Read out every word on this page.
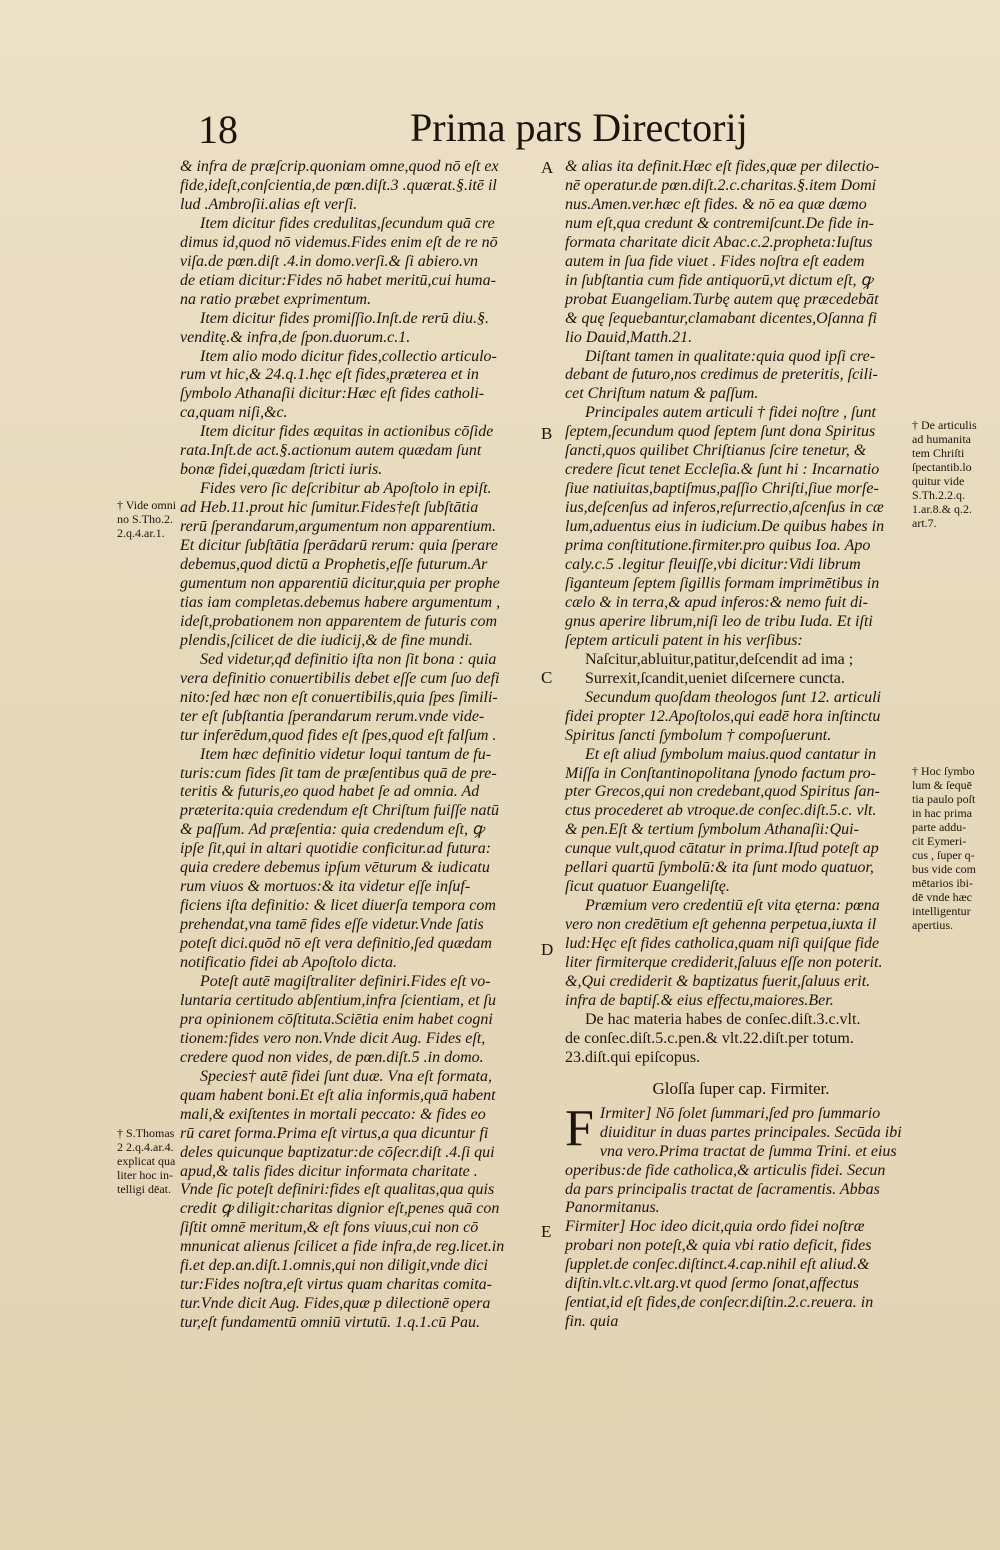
18	Prima pars Directorij
& infra de præſcrip.quoniam omne,quod nō eſt ex
fide,ideſt,conſcientia,de pœn.diſt.3 .quærat.§.itē il
lud .Ambroſii.alias eſt verſi.
Item dicitur fides credulitas,ſecundum quā cre
dimus id,quod nō videmus.Fides enim eſt de re nō
viſa.de pœn.diſt .4.in domo.verſi.& ſi abiero.vn
de etiam dicitur:Fides nō habet meritū,cui huma-
na ratio præbet exprimentum.
Item dicitur fides promiſſio.Inſt.de rerū diu.§.
venditę.& infra,de ſpon.duorum.c.1.
Item alio modo dicitur fides,collectio articulo-
rum vt hic,& 24.q.1.hęc eſt fides,præterea et in
ſymbolo Athanaſii dicitur:Hæc eſt fides catholi-
ca,quam niſi,&c.
Item dicitur fides æquitas in actionibus cōſide
rata.Inſt.de act.§.actionum autem quædam ſunt
bonæ fidei,quædam ſtricti iuris.
Fides vero ſic deſcribitur ab Apoſtolo in epiſt.
ad Heb.11.prout hic ſumitur.Fides†eſt ſubſtātia
rerū ſperandarum,argumentum non apparentium.
Et dicitur ſubſtātia ſperādarū rerum: quia ſperare
debemus,quod dictū a Prophetis,eſſe futurum.Ar
gumentum non apparentiū dicitur,quia per prophe
tias iam completas.debemus habere argumentum ,
ideſt,probationem non apparentem de futuris com
plendis,ſcilicet de die iudicij,& de fine mundi.
Sed videtur,qđ definitio iſta non ſit bona : quia
vera definitio conuertibilis debet eſſe cum ſuo defi
nito:ſed hæc non eſt conuertibilis,quia ſpes ſimili-
ter eſt ſubſtantia ſperandarum rerum.vnde vide-
tur inferēdum,quod fides eſt ſpes,quod eſt falſum .
Item hæc definitio videtur loqui tantum de fu-
turis:cum fides ſit tam de præſentibus quā de pre-
teritis & futuris,eo quod habet ſe ad omnia. Ad
præterita:quia credendum eſt Chriſtum fuiſſe natū
& paſſum. Ad præſentia: quia credendum eſt, ꝙ
ipſe ſit,qui in altari quotidie conficitur.ad futura:
quia credere debemus ipſum vēturum & iudicatu
rum viuos & mortuos:& ita videtur eſſe inſuf-
ficiens iſta definitio: & licet diuerſa tempora com
prehendat,vna tamē fides eſſe videtur.Vnde ſatis
poteſt dici.quōd nō eſt vera definitio,ſed quædam
notificatio fidei ab Apoſtolo dicta.
Poteſt autē magiſtraliter definiri.Fides eſt vo-
luntaria certitudo abſentium,infra ſcientiam, et ſu
pra opinionem cōſtituta.Sciētia enim habet cogni
tionem:fides vero non.Vnde dicit Aug. Fides eſt,
credere quod non vides, de pœn.diſt.5 .in domo.
Species† autē fidei ſunt duæ. Vna eſt formata,
quam habent boni.Et eſt alia informis,quā habent
mali,& exiſtentes in mortali peccato: & fides eo
rū caret forma.Prima eſt virtus,a qua dicuntur fi
deles quicunque baptizatur:de cōſecr.diſt .4.ſi qui
apud,& talis fides dicitur informata charitate .
Vnde ſic poteſt definiri:fides eſt qualitas,qua quis
credit ꝙ diligit:charitas dignior eſt,penes quā con
ſiſtit omnē meritum,& eſt fons viuus,cui non cō
mnunicat alienus ſcilicet a fide infra,de reg.licet.in
fi.et dep.an.diſt.1.omnis,qui non diligit,vnde dici
tur:Fides noſtra,eſt virtus quam charitas comita-
tur.Vnde dicit Aug. Fides,quæ p dilectionē opera
tur,eſt fundamentū omniū virtutū. 1.q.1.cū Pau.
& alias ita definit.Hæc eſt fides,quæ per dilectio-
nē operatur.de pœn.diſt.2.c.charitas.§.item Domi
nus.Amen.ver.hæc eſt fides. & nō ea quæ dæmo
num eſt,qua credunt & contremiſcunt.De fide in-
formata charitate dicit Abac.c.2.propheta:Iuſtus
autem in ſua fide viuet . Fides noſtra eſt eadem
in ſubſtantia cum fide antiquorū,vt dictum eſt, ꝙ
probat Euangeliam.Turbę autem quę præcedebāt
& quę ſequebantur,clamabant dicentes,Oſanna fi
lio Dauid,Matth.21.
Diſtant tamen in qualitate:quia quod ipſi cre-
debant de futuro,nos credimus de preteritis, ſcili-
cet Chriſtum natum & paſſum.
Principales autem articuli † fidei noſtre , ſunt
ſeptem,ſecundum quod ſeptem ſunt dona Spiritus
ſancti,quos quilibet Chriſtianus ſcire tenetur, &
credere ſicut tenet Eccleſia.& ſunt hi : Incarnatio
ſiue natiuitas,baptiſmus,paſſio Chriſti,ſiue morſe-
ius,deſcenſus ad inferos,reſurrectio,aſcenſus in cæ
lum,aduentus eius in iudicium.De quibus habes in
prima conſtitutione.firmiter.pro quibus Ioa. Apo
caly.c.5 .legitur fleuiſſe,vbi dicitur:Vidi librum
ſiganteum ſeptem ſigillis formam imprimētibus in
cælo & in terra,& apud inferos:& nemo fuit di-
gnus aperire librum,niſi leo de tribu Iuda. Et iſti
ſeptem articuli patent in his verſibus:
Naſcitur,abluitur,patitur,deſcendit ad ima ;
Surrexit,ſcandit,ueniet diſcernere cuncta.
Secundum quoſdam theologos ſunt 12. articuli
fidei propter 12.Apoſtolos,qui eadē hora inſtinctu
Spiritus ſancti ſymbolum † compoſuerunt.
Et eſt aliud ſymbolum maius.quod cantatur in
Miſſa in Conſtantinopolitana ſynodo factum pro-
pter Grecos,qui non credebant,quod Spiritus ſan-
ctus procederet ab vtroque.de conſec.diſt.5.c. vlt.
& pen.Eſt & tertium ſymbolum Athanaſii:Qui-
cunque vult,quod cātatur in prima.Iſtud poteſt ap
pellari quartū ſymbolū:& ita ſunt modo quatuor,
ſicut quatuor Euangeliſtę.
Præmium vero credentiū eſt vita ęterna: pœna
vero non credētium eſt gehenna perpetua,iuxta il
lud:Hęc eſt fides catholica,quam niſi quiſque fide
liter firmiterque crediderit,ſaluus eſſe non poterit.
&,Qui crediderit & baptizatus fuerit,ſaluus erit.
infra de baptiſ.& eius effectu,maiores.Ber.
De hac materia habes de conſec.diſt.3.c.vlt.
de conſec.diſt.5.c.pen.& vlt.22.diſt.per totum.
23.diſt.qui epiſcopus.
Gloſſa ſuper cap. Firmiter.
F Irmiter] Nō ſolet ſummari,ſed pro ſummario
diuiditur in duas partes principales. Secūda ibi
vna vero.Prima tractat de ſumma Trini. et eius
operibus:de fide catholica,& articulis fidei. Secun
da pars principalis tractat de ſacramentis. Abbas
Panormitanus.
Firmiter] Hoc ideo dicit,quia ordo fidei noſtræ
probari non poteſt,& quia vbi ratio deficit, fides
ſupplet.de conſec.diſtinct.4.cap.nihil eſt aliud.&
diſtin.vlt.c.vlt.arg.vt quod ſermo ſonat,affectus
ſentiat,id eſt fides,de conſecr.diſtin.2.c.reuera. in
fin. quia
A
B
C
D
E
† Vide omni
no S.Tho.2.
2.q.4.ar.1.
† S.Thomas
2 2.q.4.ar.4.
explicat qua
liter hoc in-
telligi dēat.
† De articulis
ad humanita
tem Chriſti
ſpectantib.lo
quitur vide
S.Th.2.2.q.
1.ar.8.& q.2.
art.7.
† Hoc ſymbo
lum & ſequē
tia paulo poſt
in hac prima
parte addu-
cit Eymeri-
cus , ſuper q-
bus vide com
mētarios ibi-
dē vnde hæc
intelligentur
apertius.
